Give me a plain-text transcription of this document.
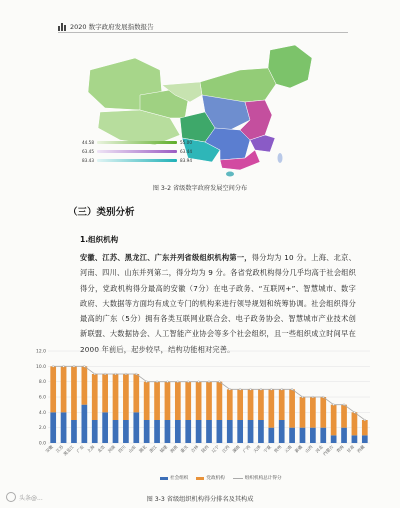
2020 数字政府发展指数报告
44.58	55.00
63.45	63.44
83.43	83.94
图 3-2 省级数字政府发展空间分布
（三）类别分析
1.组织机构
安徽、江苏、黑龙江、广东并列省级组织机构第一，得分均为 10 分。上海、北京、河南、四川、山东并列第二，得分均为 9 分。各省党政机构得分几乎均高于社会组织得分，党政机构得分最高的安徽（7分）在电子政务、“互联网+”、智慧城市、数字政府、大数据等方面均有成立专门的机构来进行领导规划和统筹协调。社会组织得分最高的广东（5分）拥有各类互联网业联合会、电子政务协会、智慧城市产业技术创新联盟、大数据协会、人工智能产业协会等多个社会组织，且一些组织成立时间早在 2000 年前后，起步较早，结构功能相对完善。
0.0
2.0
4.0
6.0
8.0
10.0
12.0
安徽 江苏
黑龙江 广东 上海 北京 河南 四川 山东 湖北 浙江 福建 海南 重庆 吉林 陕西 辽宁 江西 湖南 广西 天津 宁夏 贵州 云南 新疆 山西 河北
内蒙古 青海 甘肃 西藏
社会组织	党政机构	组织机构总计得分
图 3-3 省级组织机构得分排名及其构成
头条@...
